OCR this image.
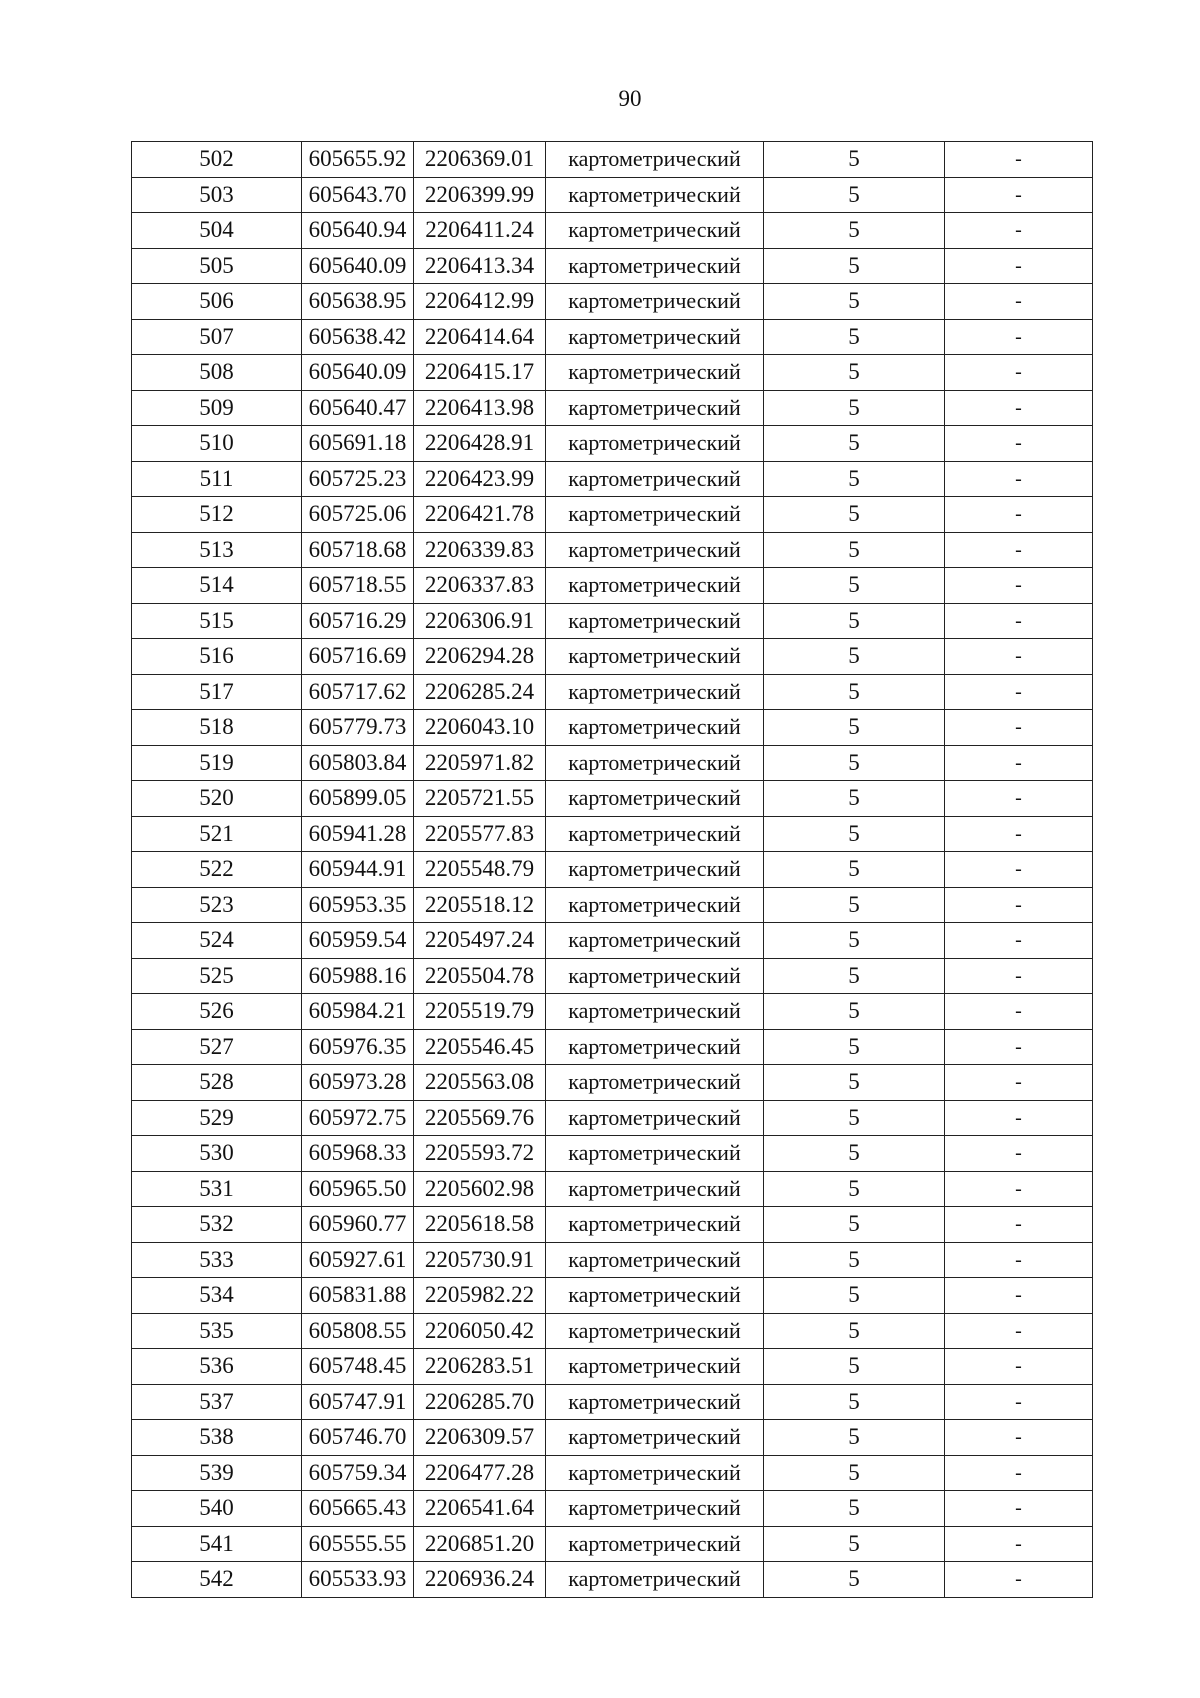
90
502	605655.92	2206369.01	картометрический	5	-
503	605643.70	2206399.99	картометрический	5	-
504	605640.94	2206411.24	картометрический	5	-
505	605640.09	2206413.34	картометрический	5	-
506	605638.95	2206412.99	картометрический	5	-
507	605638.42	2206414.64	картометрический	5	-
508	605640.09	2206415.17	картометрический	5	-
509	605640.47	2206413.98	картометрический	5	-
510	605691.18	2206428.91	картометрический	5	-
511	605725.23	2206423.99	картометрический	5	-
512	605725.06	2206421.78	картометрический	5	-
513	605718.68	2206339.83	картометрический	5	-
514	605718.55	2206337.83	картометрический	5	-
515	605716.29	2206306.91	картометрический	5	-
516	605716.69	2206294.28	картометрический	5	-
517	605717.62	2206285.24	картометрический	5	-
518	605779.73	2206043.10	картометрический	5	-
519	605803.84	2205971.82	картометрический	5	-
520	605899.05	2205721.55	картометрический	5	-
521	605941.28	2205577.83	картометрический	5	-
522	605944.91	2205548.79	картометрический	5	-
523	605953.35	2205518.12	картометрический	5	-
524	605959.54	2205497.24	картометрический	5	-
525	605988.16	2205504.78	картометрический	5	-
526	605984.21	2205519.79	картометрический	5	-
527	605976.35	2205546.45	картометрический	5	-
528	605973.28	2205563.08	картометрический	5	-
529	605972.75	2205569.76	картометрический	5	-
530	605968.33	2205593.72	картометрический	5	-
531	605965.50	2205602.98	картометрический	5	-
532	605960.77	2205618.58	картометрический	5	-
533	605927.61	2205730.91	картометрический	5	-
534	605831.88	2205982.22	картометрический	5	-
535	605808.55	2206050.42	картометрический	5	-
536	605748.45	2206283.51	картометрический	5	-
537	605747.91	2206285.70	картометрический	5	-
538	605746.70	2206309.57	картометрический	5	-
539	605759.34	2206477.28	картометрический	5	-
540	605665.43	2206541.64	картометрический	5	-
541	605555.55	2206851.20	картометрический	5	-
542	605533.93	2206936.24	картометрический	5	-
